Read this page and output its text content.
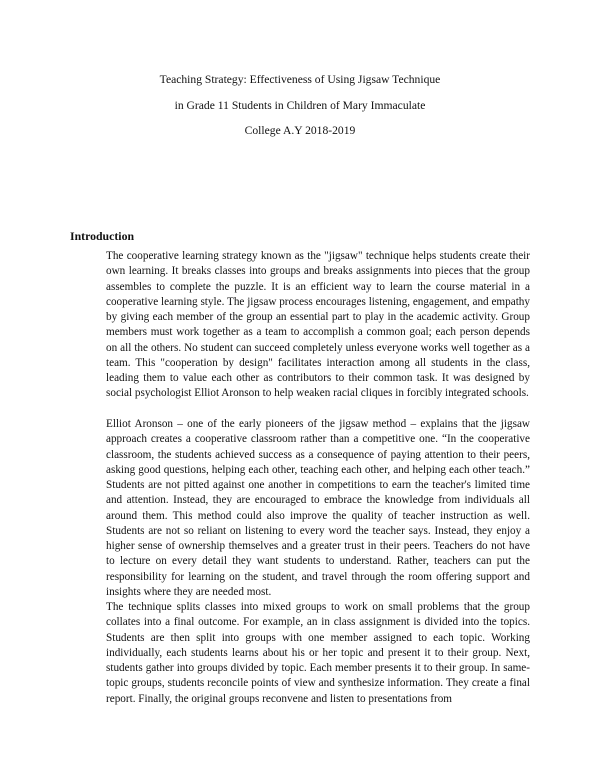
Teaching Strategy: Effectiveness of Using Jigsaw Technique
in Grade 11 Students in Children of Mary Immaculate
College A.Y 2018-2019
Introduction

The cooperative learning strategy known as the "jigsaw" technique helps students create their own learning. It breaks classes into groups and breaks assignments into pieces that the group assembles to complete the puzzle. It is an efficient way to learn the course material in a cooperative learning style. The jigsaw process encourages listening, engagement, and empathy by giving each member of the group an essential part to play in the academic activity. Group members must work together as a team to accomplish a common goal; each person depends on all the others. No student can succeed completely unless everyone works well together as a team. This "cooperation by design" facilitates interaction among all students in the class, leading them to value each other as contributors to their common task. It was designed by social psychologist Elliot Aronson to help weaken racial cliques in forcibly integrated schools.

Elliot Aronson – one of the early pioneers of the jigsaw method – explains that the jigsaw approach creates a cooperative classroom rather than a competitive one. “In the cooperative classroom, the students achieved success as a consequence of paying attention to their peers, asking good questions, helping each other, teaching each other, and helping each other teach.” Students are not pitted against one another in competitions to earn the teacher's limited time and attention. Instead, they are encouraged to embrace the knowledge from individuals all around them. This method could also improve the quality of teacher instruction as well. Students are not so reliant on listening to every word the teacher says. Instead, they enjoy a higher sense of ownership themselves and a greater trust in their peers. Teachers do not have to lecture on every detail they want students to understand. Rather, teachers can put the responsibility for learning on the student, and travel through the room offering support and insights where they are needed most.

The technique splits classes into mixed groups to work on small problems that the group collates into a final outcome. For example, an in class assignment is divided into the topics. Students are then split into groups with one member assigned to each topic. Working individually, each students learns about his or her topic and present it to their group. Next, students gather into groups divided by topic. Each member presents it to their group. In same-topic groups, students reconcile points of view and synthesize information. They create a final report. Finally, the original groups reconvene and listen to presentations from
